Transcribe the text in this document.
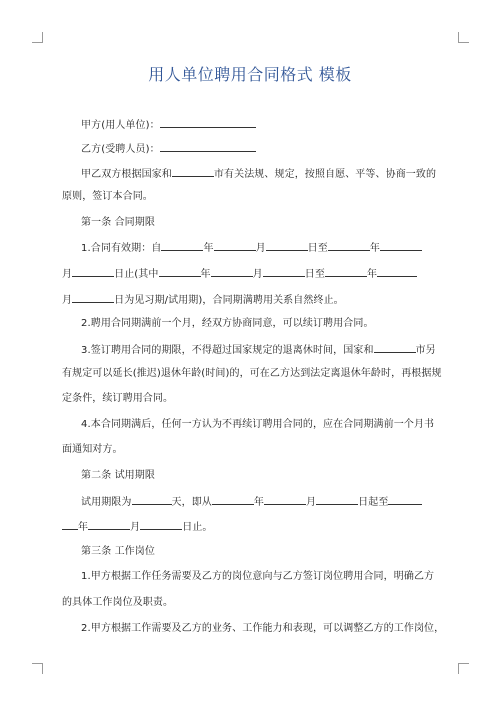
用人单位聘用合同格式 模板
甲方(用人单位)：
乙方(受聘人员)：
甲乙双方根据国家和	市有关法规、规定，按照自愿、平等、协商一致的
原则，签订本合同。
第一条 合同期限
1.合同有效期：自	年	月	日至	年
月	日止(其中	年	月	日至	年
月	日为见习期/试用期)，合同期满聘用关系自然终止。
2.聘用合同期满前一个月，经双方协商同意，可以续订聘用合同。
3.签订聘用合同的期限，不得超过国家规定的退离休时间，国家和	市另
有规定可以延长(推迟)退休年龄(时间)的，可在乙方达到法定离退休年龄时，再根据规
定条件，续订聘用合同。
4.本合同期满后，任何一方认为不再续订聘用合同的，应在合同期满前一个月书
面通知对方。
第二条 试用期限
试用期限为	天，即从	年	月	日起至
年	月	日止。
第三条 工作岗位
1.甲方根据工作任务需要及乙方的岗位意向与乙方签订岗位聘用合同，明确乙方
的具体工作岗位及职责。
2.甲方根据工作需要及乙方的业务、工作能力和表现，可以调整乙方的工作岗位，
